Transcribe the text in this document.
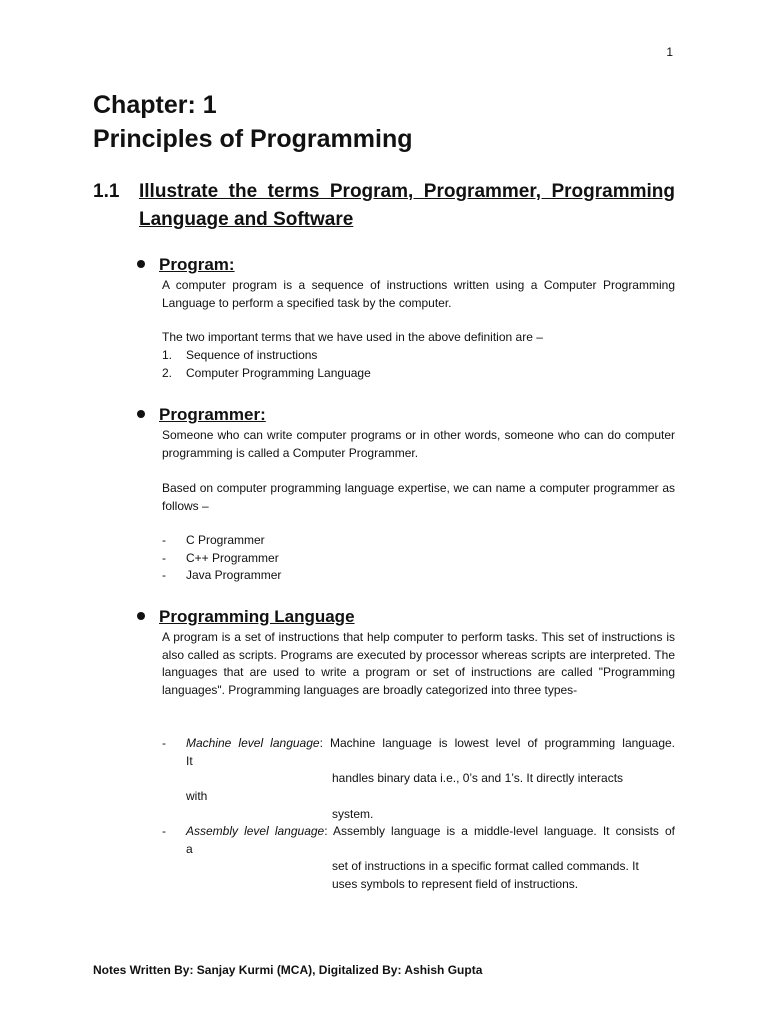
1
Chapter: 1
Principles of Programming
1.1 Illustrate the terms Program, Programmer, Programming Language and Software
Program:
A computer program is a sequence of instructions written using a Computer Programming Language to perform a specified task by the computer.
The two important terms that we have used in the above definition are –
1. Sequence of instructions
2. Computer Programming Language
Programmer:
Someone who can write computer programs or in other words, someone who can do computer programming is called a Computer Programmer.
Based on computer programming language expertise, we can name a computer programmer as follows –
- C Programmer
- C++ Programmer
- Java Programmer
Programming Language
A program is a set of instructions that help computer to perform tasks. This set of instructions is also called as scripts. Programs are executed by processor whereas scripts are interpreted. The languages that are used to write a program or set of instructions are called "Programming languages". Programming languages are broadly categorized into three types-
- Machine level language: Machine language is lowest level of programming language.
It
handles binary data i.e., 0’s and 1’s. It directly interacts
with
system.
- Assembly level language: Assembly language is a middle-level language. It consists of
a
set of instructions in a specific format called commands. It
uses symbols to represent field of instructions.
Notes Written By: Sanjay Kurmi (MCA), Digitalized By: Ashish Gupta
